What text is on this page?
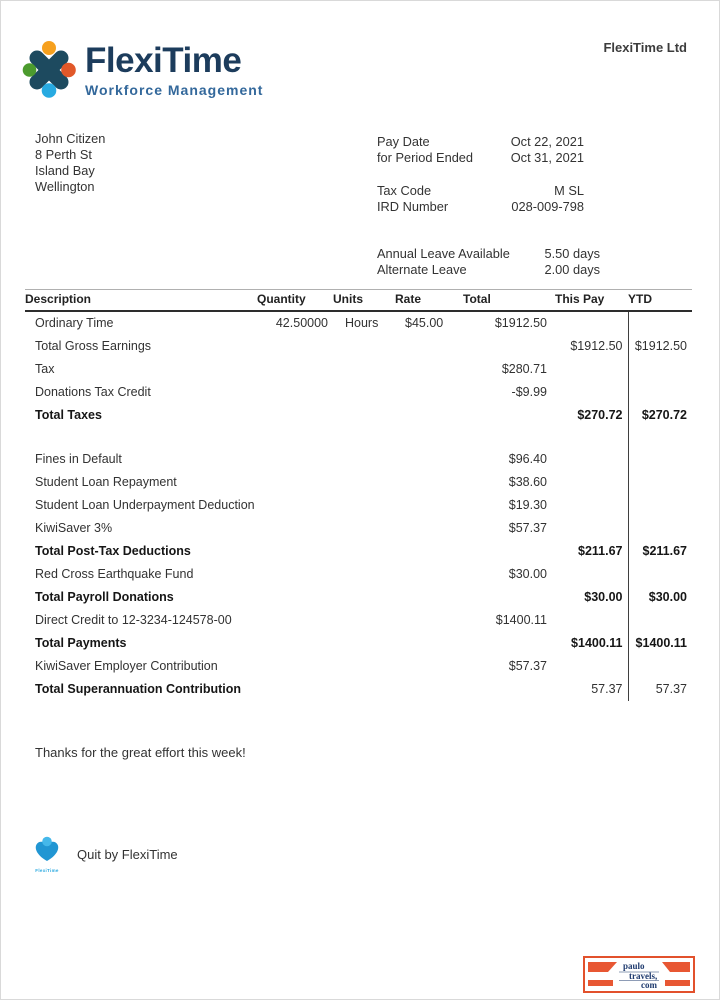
FlexiTime
Workforce Management
FlexiTime Ltd
John Citizen
8 Perth St
Island Bay
Wellington
Pay Date	Oct 22, 2021
for Period Ended	Oct 31, 2021
Tax Code	M SL
IRD Number	028-009-798
Annual Leave Available	5.50 days
Alternate Leave	2.00 days
Description	Quantity	Units	Rate	Total	This Pay	YTD
Ordinary Time	42.50000	Hours	$45.00	$1912.50		
Total Gross Earnings					$1912.50	$1912.50
Tax				$280.71		
Donations Tax Credit				-$9.99		
Total Taxes					$270.72	$270.72

Fines in Default				$96.40		
Student Loan Repayment				$38.60		
Student Loan Underpayment Deduction				$19.30		
KiwiSaver 3%				$57.37		
Total Post-Tax Deductions					$211.67	$211.67
Red Cross Earthquake Fund				$30.00		
Total Payroll Donations					$30.00	$30.00
Direct Credit to 12-3234-124578-00				$1400.11		
Total Payments					$1400.11	$1400.11
KiwiSaver Employer Contribution				$57.37		
Total Superannuation Contribution					57.37	57.37
Thanks for the great effort this week!
FlexiTime
Quit by FlexiTime
paulo
travels,
com
